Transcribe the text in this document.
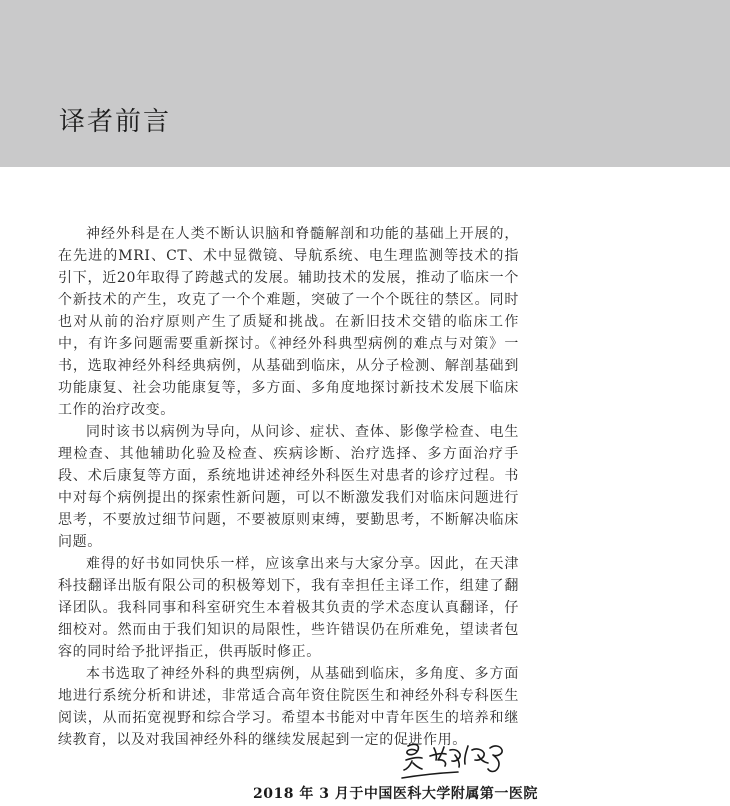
译者前言

神经外科是在人类不断认识脑和脊髓解剖和功能的基础上开展的，在先进的MRI、CT、术中显微镜、导航系统、电生理监测等技术的指引下，近20年取得了跨越式的发展。辅助技术的发展，推动了临床一个个新技术的产生，攻克了一个个难题，突破了一个个既往的禁区。同时也对从前的治疗原则产生了质疑和挑战。在新旧技术交错的临床工作中，有许多问题需要重新探讨。《神经外科典型病例的难点与对策》一书，选取神经外科经典病例，从基础到临床，从分子检测、解剖基础到功能康复、社会功能康复等，多方面、多角度地探讨新技术发展下临床工作的治疗改变。

同时该书以病例为导向，从问诊、症状、查体、影像学检查、电生理检查、其他辅助化验及检查、疾病诊断、治疗选择、多方面治疗手段、术后康复等方面，系统地讲述神经外科医生对患者的诊疗过程。书中对每个病例提出的探索性新问题，可以不断激发我们对临床问题进行思考，不要放过细节问题，不要被原则束缚，要勤思考，不断解决临床问题。

难得的好书如同快乐一样，应该拿出来与大家分享。因此，在天津科技翻译出版有限公司的积极筹划下，我有幸担任主译工作，组建了翻译团队。我科同事和科室研究生本着极其负责的学术态度认真翻译，仔细校对。然而由于我们知识的局限性，些许错误仍在所难免，望读者包容的同时给予批评指正，供再版时修正。

本书选取了神经外科的典型病例，从基础到临床，多角度、多方面地进行系统分析和讲述，非常适合高年资住院医生和神经外科专科医生阅读，从而拓宽视野和综合学习。希望本书能对中青年医生的培养和继续教育，以及对我国神经外科的继续发展起到一定的促进作用。

2018 年 3 月于中国医科大学附属第一医院
